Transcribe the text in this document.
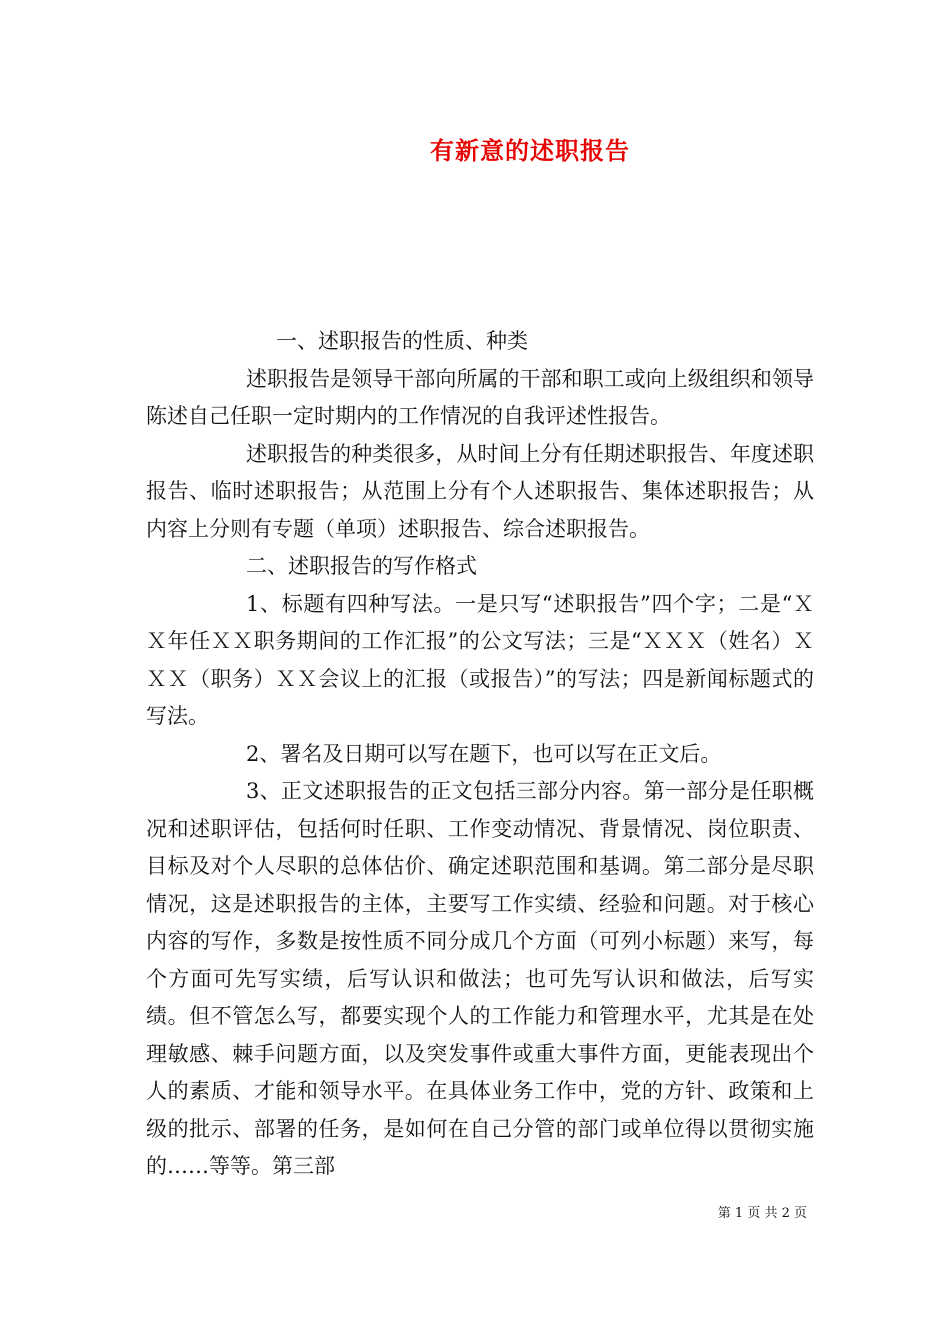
有新意的述职报告

一、述职报告的性质、种类

述职报告是领导干部向所属的干部和职工或向上级组织和领导陈述自己任职一定时期内的工作情况的自我评述性报告。

述职报告的种类很多，从时间上分有任期述职报告、年度述职报告、临时述职报告；从范围上分有个人述职报告、集体述职报告；从内容上分则有专题（单项）述职报告、综合述职报告。

二、述职报告的写作格式

1、标题有四种写法。一是只写“述职报告”四个字；二是“ＸＸ年任ＸＸ职务期间的工作汇报”的公文写法；三是“ＸＸＸ（姓名）ＸＸＸ（职务）ＸＸ会议上的汇报（或报告）”的写法；四是新闻标题式的写法。

2、署名及日期可以写在题下，也可以写在正文后。

3、正文述职报告的正文包括三部分内容。第一部分是任职概况和述职评估，包括何时任职、工作变动情况、背景情况、岗位职责、目标及对个人尽职的总体估价、确定述职范围和基调。第二部分是尽职情况，这是述职报告的主体，主要写工作实绩、经验和问题。对于核心内容的写作，多数是按性质不同分成几个方面（可列小标题）来写，每个方面可先写实绩，后写认识和做法；也可先写认识和做法，后写实绩。但不管怎么写，都要实现个人的工作能力和管理水平，尤其是在处理敏感、棘手问题方面，以及突发事件或重大事件方面，更能表现出个人的素质、才能和领导水平。在具体业务工作中，党的方针、政策和上级的批示、部署的任务，是如何在自己分管的部门或单位得以贯彻实施的……等等。第三部

第 1 页 共 2 页
